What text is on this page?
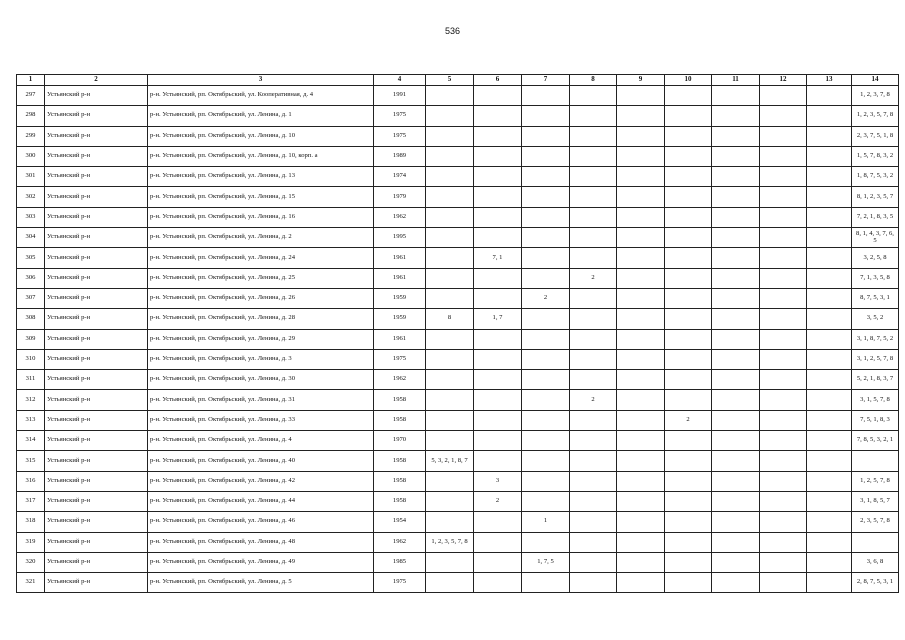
536
1	2	3	4	5	6	7	8	9	10	11	12	13	14
297	Устьянский р-н	р-н. Устьянский, рп. Октябрьский, ул. Кооперативная, д. 4	1991										1, 2, 3, 7, 8
298	Устьянский р-н	р-н. Устьянский, рп. Октябрьский, ул. Ленина, д. 1	1975										1, 2, 3, 5, 7, 8
299	Устьянский р-н	р-н. Устьянский, рп. Октябрьский, ул. Ленина, д. 10	1975										2, 3, 7, 5, 1, 8
300	Устьянский р-н	р-н. Устьянский, рп. Октябрьский, ул. Ленина, д. 10, корп. а	1989										1, 5, 7, 8, 3, 2
301	Устьянский р-н	р-н. Устьянский, рп. Октябрьский, ул. Ленина, д. 13	1974										1, 8, 7, 5, 3, 2
302	Устьянский р-н	р-н. Устьянский, рп. Октябрьский, ул. Ленина, д. 15	1979										8, 1, 2, 3, 5, 7
303	Устьянский р-н	р-н. Устьянский, рп. Октябрьский, ул. Ленина, д. 16	1962										7, 2, 1, 8, 3, 5
304	Устьянский р-н	р-н. Устьянский, рп. Октябрьский, ул. Ленина, д. 2	1995										8, 1, 4, 3, 7, 6, 5
305	Устьянский р-н	р-н. Устьянский, рп. Октябрьский, ул. Ленина, д. 24	1961		7, 1								3, 2, 5, 8
306	Устьянский р-н	р-н. Устьянский, рп. Октябрьский, ул. Ленина, д. 25	1961				2						7, 1, 3, 5, 8
307	Устьянский р-н	р-н. Устьянский, рп. Октябрьский, ул. Ленина, д. 26	1959			2							8, 7, 5, 3, 1
308	Устьянский р-н	р-н. Устьянский, рп. Октябрьский, ул. Ленина, д. 28	1959	8	1, 7								3, 5, 2
309	Устьянский р-н	р-н. Устьянский, рп. Октябрьский, ул. Ленина, д. 29	1961										3, 1, 8, 7, 5, 2
310	Устьянский р-н	р-н. Устьянский, рп. Октябрьский, ул. Ленина, д. 3	1975										3, 1, 2, 5, 7, 8
311	Устьянский р-н	р-н. Устьянский, рп. Октябрьский, ул. Ленина, д. 30	1962										5, 2, 1, 8, 3, 7
312	Устьянский р-н	р-н. Устьянский, рп. Октябрьский, ул. Ленина, д. 31	1958				2						3, 1, 5, 7, 8
313	Устьянский р-н	р-н. Устьянский, рп. Октябрьский, ул. Ленина, д. 33	1958						2				7, 5, 1, 8, 3
314	Устьянский р-н	р-н. Устьянский, рп. Октябрьский, ул. Ленина, д. 4	1970										7, 8, 5, 3, 2, 1
315	Устьянский р-н	р-н. Устьянский, рп. Октябрьский, ул. Ленина, д. 40	1958	5, 3, 2, 1, 8, 7									
316	Устьянский р-н	р-н. Устьянский, рп. Октябрьский, ул. Ленина, д. 42	1958		3								1, 2, 5, 7, 8
317	Устьянский р-н	р-н. Устьянский, рп. Октябрьский, ул. Ленина, д. 44	1958		2								3, 1, 8, 5, 7
318	Устьянский р-н	р-н. Устьянский, рп. Октябрьский, ул. Ленина, д. 46	1954			1							2, 3, 5, 7, 8
319	Устьянский р-н	р-н. Устьянский, рп. Октябрьский, ул. Ленина, д. 48	1962	1, 2, 3, 5, 7, 8									
320	Устьянский р-н	р-н. Устьянский, рп. Октябрьский, ул. Ленина, д. 49	1985			1, 7, 5							3, 6, 8
321	Устьянский р-н	р-н. Устьянский, рп. Октябрьский, ул. Ленина, д. 5	1975										2, 8, 7, 5, 3, 1
